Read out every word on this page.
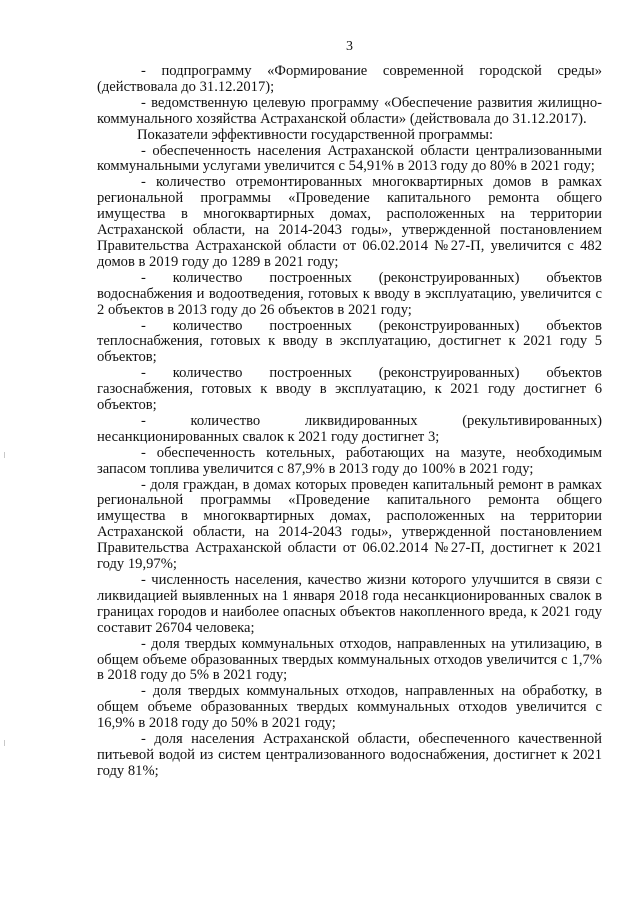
3

- подпрограмму «Формирование современной городской среды» (действовала до 31.12.2017);

- ведомственную целевую программу «Обеспечение развития жилищно-коммунального хозяйства Астраханской области» (действовала до 31.12.2017).

Показатели эффективности государственной программы:

- обеспеченность населения Астраханской области централизованными коммунальными услугами увеличится с 54,91% в 2013 году до 80% в 2021 году;

- количество отремонтированных многоквартирных домов в рамках региональной программы «Проведение капитального ремонта общего имущества в многоквартирных домах, расположенных на территории Астраханской области, на 2014-2043 годы», утвержденной постановлением Правительства Астраханской области от 06.02.2014 №27-П, увеличится с 482 домов в 2019 году до 1289 в 2021 году;

- количество построенных (реконструированных) объектов водоснабжения и водоотведения, готовых к вводу в эксплуатацию, увеличится с 2 объектов в 2013 году до 26 объектов в 2021 году;

- количество построенных (реконструированных) объектов теплоснабжения, готовых к вводу в эксплуатацию, достигнет к 2021 году 5 объектов;

- количество построенных (реконструированных) объектов газоснабжения, готовых к вводу в эксплуатацию, к 2021 году достигнет 6 объектов;

- количество ликвидированных (рекультивированных) несанкционированных свалок к 2021 году достигнет 3;

- обеспеченность котельных, работающих на мазуте, необходимым запасом топлива увеличится с 87,9% в 2013 году до 100% в 2021 году;

- доля граждан, в домах которых проведен капитальный ремонт в рамках региональной программы «Проведение капитального ремонта общего имущества в многоквартирных домах, расположенных на территории Астраханской области, на 2014-2043 годы», утвержденной постановлением Правительства Астраханской области от 06.02.2014 №27-П, достигнет к 2021 году 19,97%;

- численность населения, качество жизни которого улучшится в связи с ликвидацией выявленных на 1 января 2018 года несанкционированных свалок в границах городов и наиболее опасных объектов накопленного вреда, к 2021 году составит 26704 человека;

- доля твердых коммунальных отходов, направленных на утилизацию, в общем объеме образованных твердых коммунальных отходов увеличится с 1,7% в 2018 году до 5% в 2021 году;

- доля твердых коммунальных отходов, направленных на обработку, в общем объеме образованных твердых коммунальных отходов увеличится с 16,9% в 2018 году до 50% в 2021 году;

- доля населения Астраханской области, обеспеченного качественной питьевой водой из систем централизованного водоснабжения, достигнет к 2021 году 81%;
